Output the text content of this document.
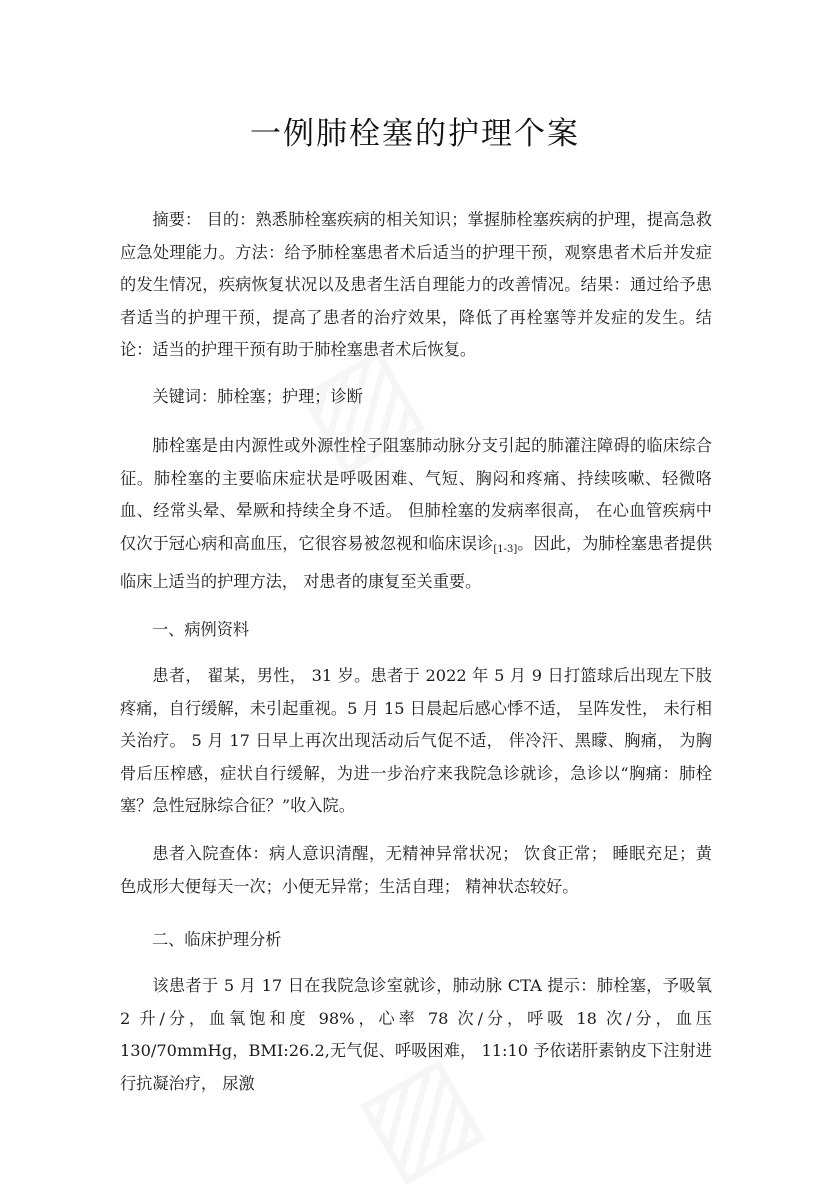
一例肺栓塞的护理个案

摘要： 目的：熟悉肺栓塞疾病的相关知识；掌握肺栓塞疾病的护理，提高急救应急处理能力。方法：给予肺栓塞患者术后适当的护理干预，观察患者术后并发症的发生情况，疾病恢复状况以及患者生活自理能力的改善情况。结果：通过给予患者适当的护理干预，提高了患者的治疗效果，降低了再栓塞等并发症的发生。结论：适当的护理干预有助于肺栓塞患者术后恢复。

关键词：肺栓塞；护理；诊断

肺栓塞是由内源性或外源性栓子阻塞肺动脉分支引起的肺灌注障碍的临床综合征。肺栓塞的主要临床症状是呼吸困难、气短、胸闷和疼痛、持续咳嗽、轻微咯血、经常头晕、晕厥和持续全身不适。 但肺栓塞的发病率很高， 在心血管疾病中仅次于冠心病和高血压，它很容易被忽视和临床误诊$_{[1-3]}$。因此，为肺栓塞患者提供临床上适当的护理方法， 对患者的康复至关重要。

一、病例资料

患者， 翟某，男性， 31 岁。患者于 2022 年 5 月 9 日打篮球后出现左下肢疼痛，自行缓解，未引起重视。5 月 15 日晨起后感心悸不适， 呈阵发性， 未行相关治疗。 5 月 17 日早上再次出现活动后气促不适， 伴冷汗、黑矇、胸痛， 为胸骨后压榨感，症状自行缓解，为进一步治疗来我院急诊就诊，急诊以“胸痛：肺栓塞？急性冠脉综合征？”收入院。

患者入院查体：病人意识清醒，无精神异常状况； 饮食正常； 睡眠充足；黄色成形大便每天一次；小便无异常；生活自理； 精神状态较好。

二、临床护理分析

该患者于 5 月 17 日在我院急诊室就诊，肺动脉 CTA 提示：肺栓塞，予吸氧 2 升/分，血氧饱和度 98%，心率 78 次/分，呼吸 18 次/分，血压 130/70mmHg，BMI:26.2,无气促、呼吸困难， 11:10 予依诺肝素钠皮下注射进行抗凝治疗， 尿激
